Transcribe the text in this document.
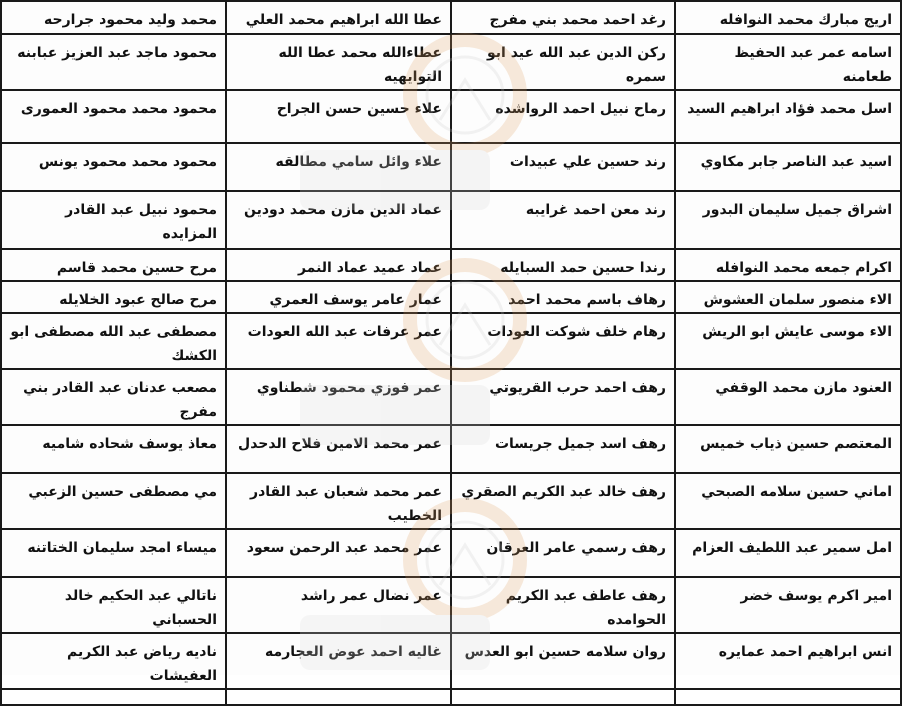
اريج مبارك محمد النوافله	رغد احمد محمد بني مفرج	عطا الله ابراهيم محمد العلي	محمد وليد محمود جرارحه
اسامه عمر عبد الحفيظ طعامنه	ركن الدين عبد الله عيد ابو سمره	عطاءالله محمد عطا الله التوايهيه	محمود ماجد عبد العزيز عبابنه
اسل محمد فؤاد ابراهيم السيد	رماح نبيل احمد الرواشده	علاء حسين حسن الجراح	محمود محمد محمود العمورى
اسيد عبد الناصر جابر مكاوي	رند حسين علي عبيدات	علاء وائل سامي مطالقه	محمود محمد محمود يونس
اشراق جميل سليمان البدور	رند معن احمد غرايبه	عماد الدين مازن محمد دودين	محمود نبيل عبد القادر المزايده
اكرام جمعه محمد النوافله	رندا حسين حمد السبايله	عماد عميد عماد النمر	مرح حسين محمد قاسم
الاء منصور سلمان العشوش	رهاف باسم محمد احمد	عمار عامر يوسف العمري	مرح صالح عبود الخلايله
الاء موسى عايش ابو الريش	رهام خلف شوكت العودات	عمر عرفات عبد الله العودات	مصطفى عبد الله مصطفى ابو الكشك
العنود مازن محمد الوقفي	رهف احمد حرب القريوتي	عمر فوزي محمود شطناوي	مصعب عدنان عبد القادر بني مفرج
المعتصم حسين ذياب خميس	رهف اسد جميل جريسات	عمر محمد الامين فلاح الدحدل	معاذ يوسف شحاده شاميه
اماني حسين سلامه الصبحي	رهف خالد عبد الكريم الصقري	عمر محمد شعبان عبد القادر الخطيب	مي مصطفى حسين الزعبي
امل سمير عبد اللطيف العزام	رهف رسمي عامر العرقان	عمر محمد عبد الرحمن سعود	ميساء امجد سليمان الختاتنه
امير اكرم يوسف خضر	رهف عاطف عبد الكريم الحوامده	عمر نضال عمر راشد	ناتالي عبد الحكيم خالد الحسباني
انس ابراهيم احمد عمايره	روان سلامه حسين ابو العدس	غاليه احمد عوض العجارمه	ناديه رياض عبد الكريم العفيشات
